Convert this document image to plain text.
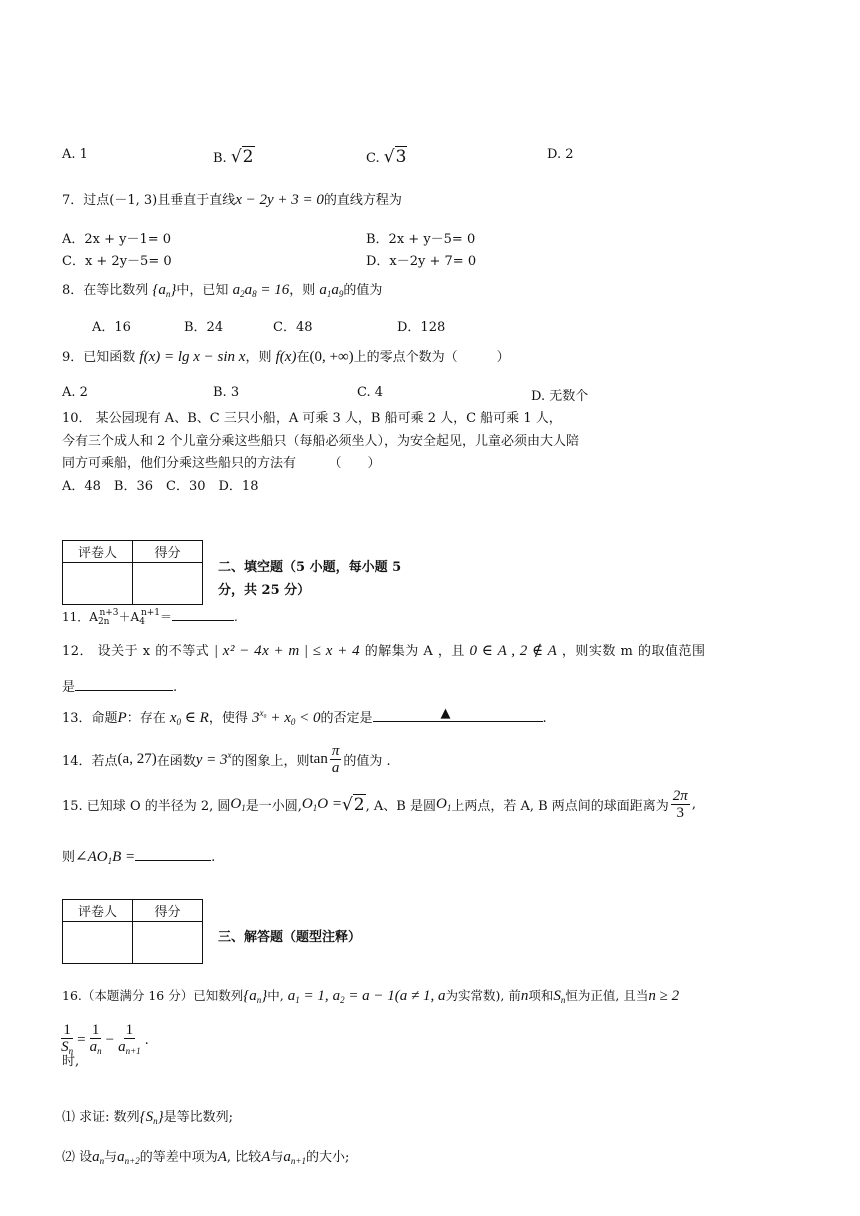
A. 1	B. √2	C. √3	D. 2
7．过点(－1, 3)且垂直于直线x − 2y + 3 = 0的直线方程为
A．2x + y－1= 0	B．2x + y－5= 0
C．x + 2y－5= 0	D．x－2y + 7= 0
8．在等比数列 $\{a_n\}$中，已知 $a_2a_8 = 16$，则 $a_1a_9$的值为
A．16	B．24	C．48	D．128
9．已知函数 f(x) = lg x − sin x，则 f(x)在(0, +∞)上的零点个数为（　　　）
A. 2	B. 3	C. 4	D. 无数个
10． 某公园现有 A、B、C 三只小船，A 可乘 3 人，B 船可乘 2 人，C 船可乘 1 人，
今有三个成人和 2 个儿童分乘这些船只（每船必须坐人），为安全起见，儿童必须由大人陪
同方可乘船，他们分乘这些船只的方法有　　　（　　）
A．48　B．36　C．30　D．18
评卷人	得分

二、填空题（5 小题，每小题 5
分，共 25 分）
11．$A_{2n}^{n+3}+A_4^{n+1}=$	.
12． 设关于 x 的不等式 | x² − 4x + m | ≤ x + 4 的解集为 A ，且 0 ∈ A , 2 ∉ A ，则实数 m 的取值范围
是	.
13．命题P：存在 $x_0$ ∈ R，使得 $3^{x_0} + x_0 < 0$的否定是	▲	.
14．若点 (a, 27) 在函数 $y = 3^x$ 的图象上，则 $\tan \frac{\pi}{a}$ 的值为 .
15. 已知球 O 的半径为 2, 圆 $O_1$ 是一小圆, $O_1O = √2$ , A、B 是圆 $O_1$ 上两点，若 A, B 两点间的球面距离为 $\frac{2\pi}{3}$ ,
则$\angle AO_1B$ =	.
评卷人	得分

三、解答题（题型注释）
16.（本题满分 16 分）已知数列$\{a_n\}$中, $a_1 = 1$, $a_2 = a - 1(a \ne 1$, a为实常数), 前n项和$S_n$恒为正值, 且当n ≥ 2
时,
$\frac{1}{S_n} = \frac{1}{a_n} - \frac{1}{a_{n+1}}$ .
⑴ 求证: 数列$\{S_n\}$是等比数列;
⑵ 设$a_n$与$a_{n+2}$的等差中项为A, 比较A与$a_{n+1}$的大小;
